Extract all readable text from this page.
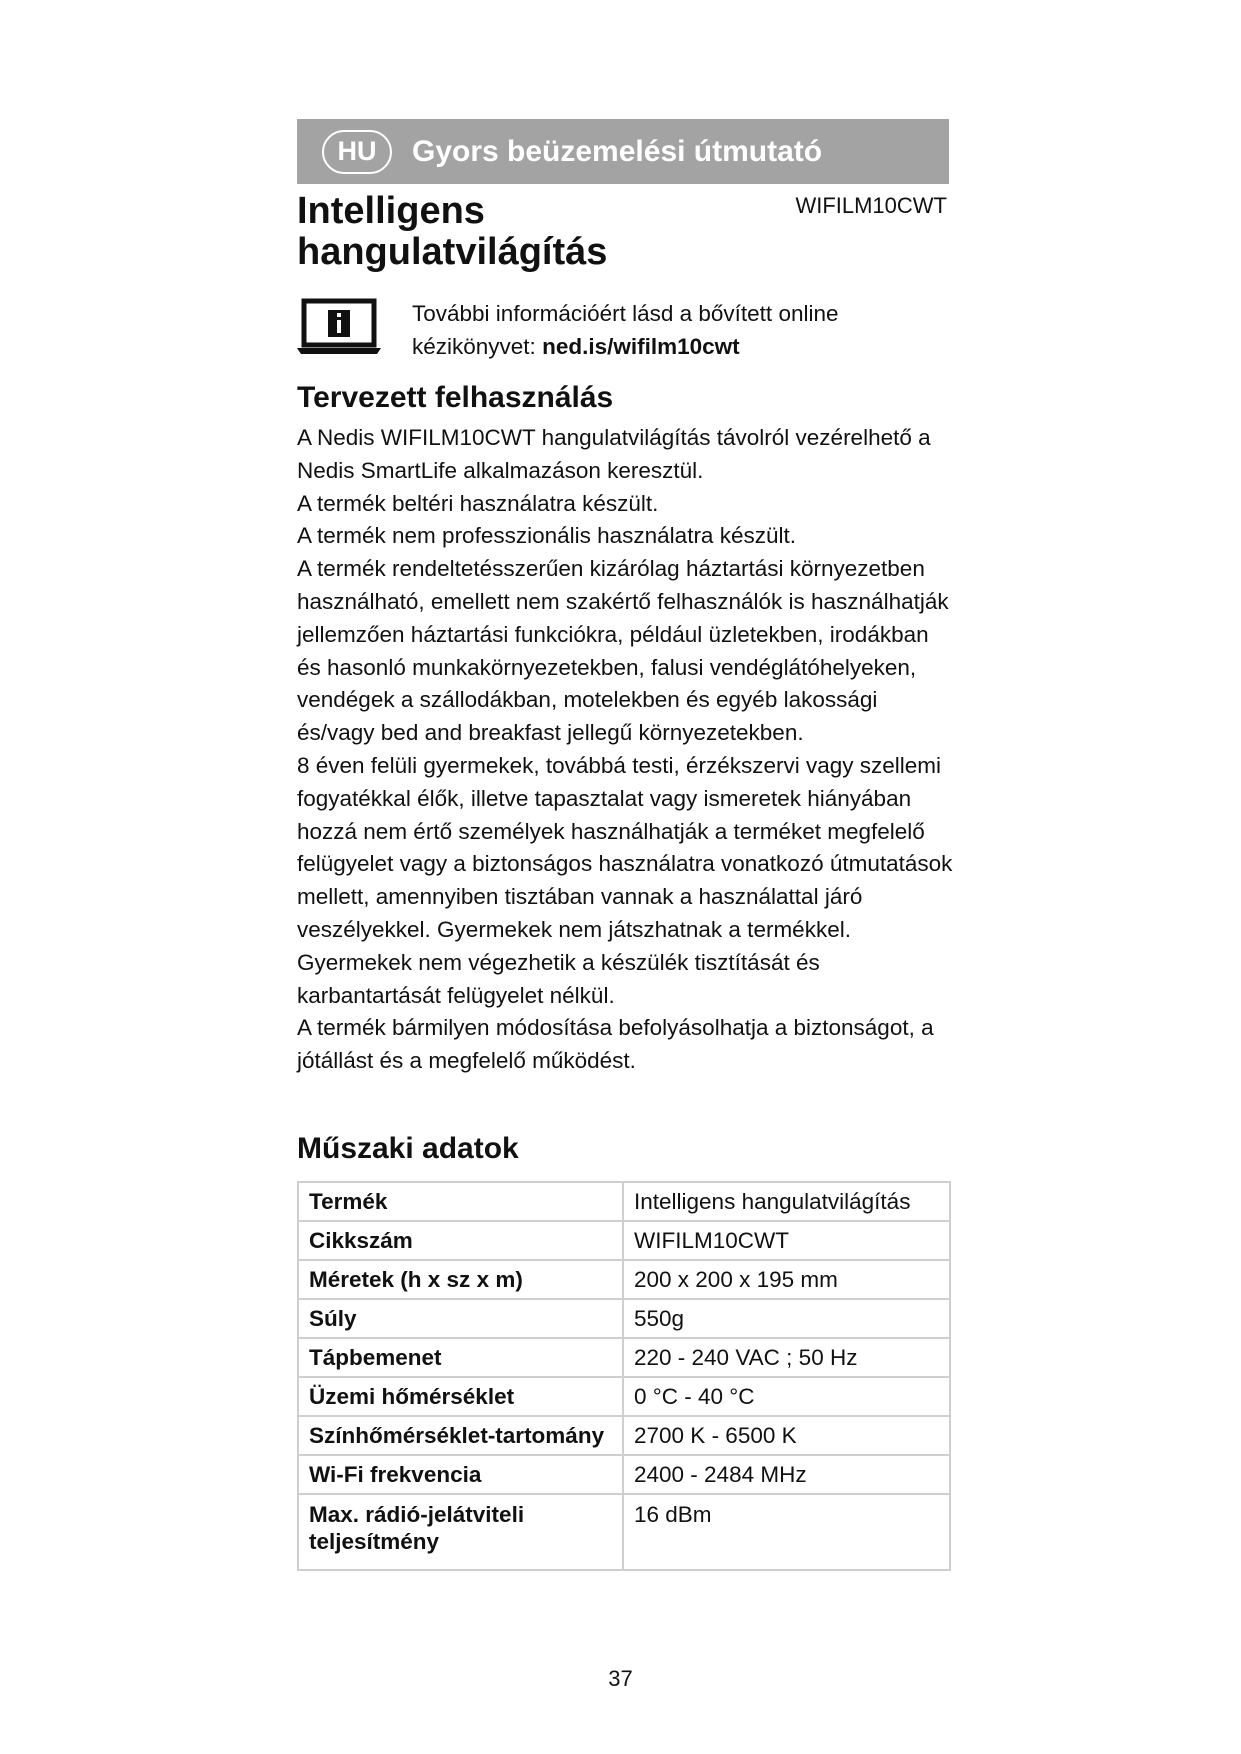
HU	Gyors beüzemelési útmutató
Intelligens hangulatvilágítás
WIFILM10CWT
További információért lásd a bővített online
kézikönyvet: ned.is/wifilm10cwt
Tervezett felhasználás

A Nedis WIFILM10CWT hangulatvilágítás távolról vezérelhető a Nedis SmartLife alkalmazáson keresztül.

A termék beltéri használatra készült.

A termék nem professzionális használatra készült.

A termék rendeltetésszerűen kizárólag háztartási környezetben használható, emellett nem szakértő felhasználók is használhatják jellemzően háztartási funkciókra, például üzletekben, irodákban és hasonló munkakörnyezetekben, falusi vendéglátóhelyeken, vendégek a szállodákban, motelekben és egyéb lakossági és/vagy bed and breakfast jellegű környezetekben.

8 éven felüli gyermekek, továbbá testi, érzékszervi vagy szellemi fogyatékkal élők, illetve tapasztalat vagy ismeretek hiányában hozzá nem értő személyek használhatják a terméket megfelelő felügyelet vagy a biztonságos használatra vonatkozó útmutatások mellett, amennyiben tisztában vannak a használattal járó veszélyekkel. Gyermekek nem játszhatnak a termékkel. Gyermekek nem végezhetik a készülék tisztítását és karbantartását felügyelet nélkül.

A termék bármilyen módosítása befolyásolhatja a biztonságot, a jótállást és a megfelelő működést.

Műszaki adatok
Termék	Intelligens hangulatvilágítás
Cikkszám	WIFILM10CWT
Méretek (h x sz x m)	200 x 200 x 195 mm
Súly	550g
Tápbemenet	220 - 240 VAC ; 50 Hz
Üzemi hőmérséklet	0 °C - 40 °C
Színhőmérséklet-tartomány	2700 K - 6500 K
Wi-Fi frekvencia	2400 - 2484 MHz
Max. rádió-jelátviteli teljesítmény	16 dBm
37
